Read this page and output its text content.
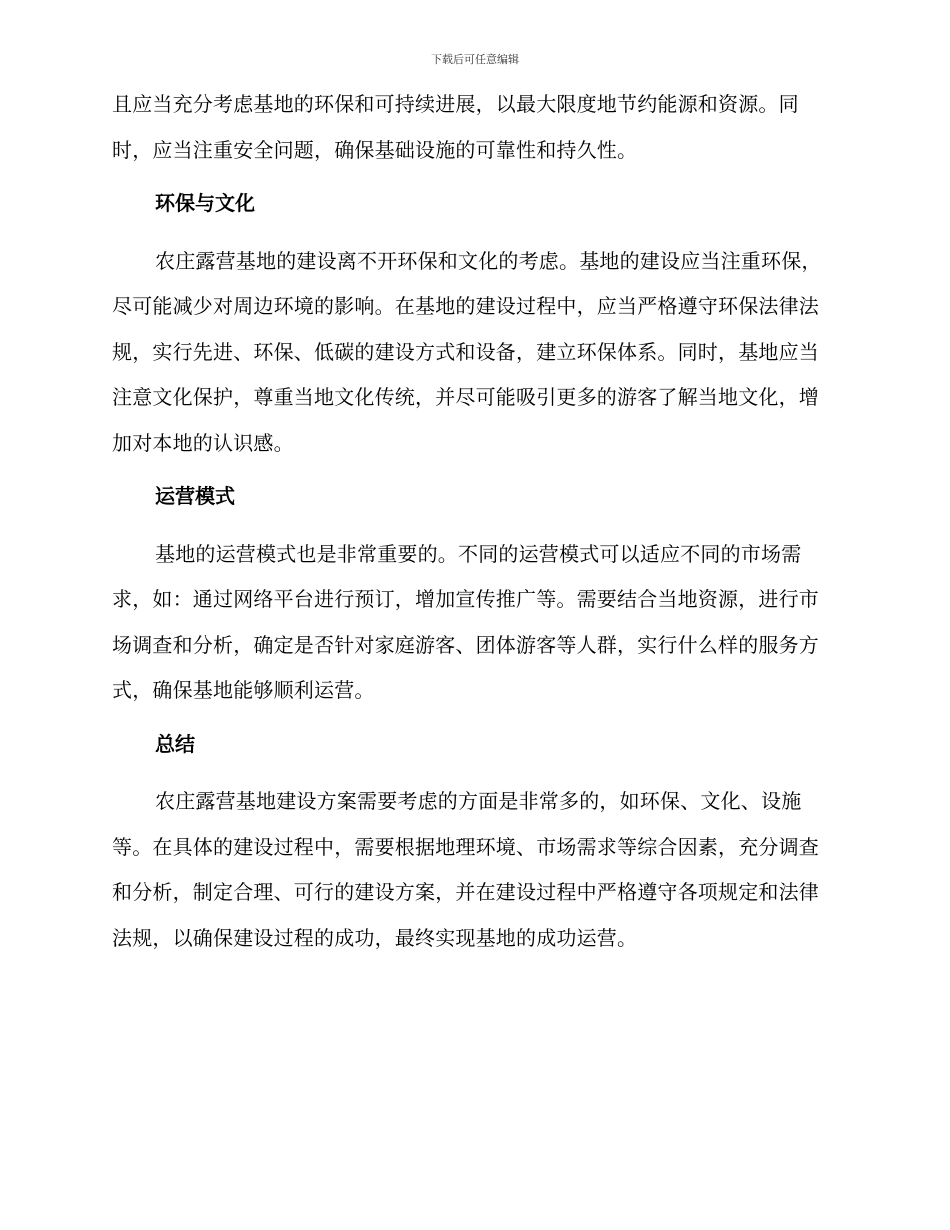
下载后可任意编辑

且应当充分考虑基地的环保和可持续进展，以最大限度地节约能源和资源。同时，应当注重安全问题，确保基础设施的可靠性和持久性。

环保与文化

农庄露营基地的建设离不开环保和文化的考虑。基地的建设应当注重环保，尽可能减少对周边环境的影响。在基地的建设过程中，应当严格遵守环保法律法规，实行先进、环保、低碳的建设方式和设备，建立环保体系。同时，基地应当注意文化保护，尊重当地文化传统，并尽可能吸引更多的游客了解当地文化，增加对本地的认识感。

运营模式

基地的运营模式也是非常重要的。不同的运营模式可以适应不同的市场需求，如：通过网络平台进行预订，增加宣传推广等。需要结合当地资源，进行市场调查和分析，确定是否针对家庭游客、团体游客等人群，实行什么样的服务方式，确保基地能够顺利运营。

总结

农庄露营基地建设方案需要考虑的方面是非常多的，如环保、文化、设施等。在具体的建设过程中，需要根据地理环境、市场需求等综合因素，充分调查和分析，制定合理、可行的建设方案，并在建设过程中严格遵守各项规定和法律法规，以确保建设过程的成功，最终实现基地的成功运营。
